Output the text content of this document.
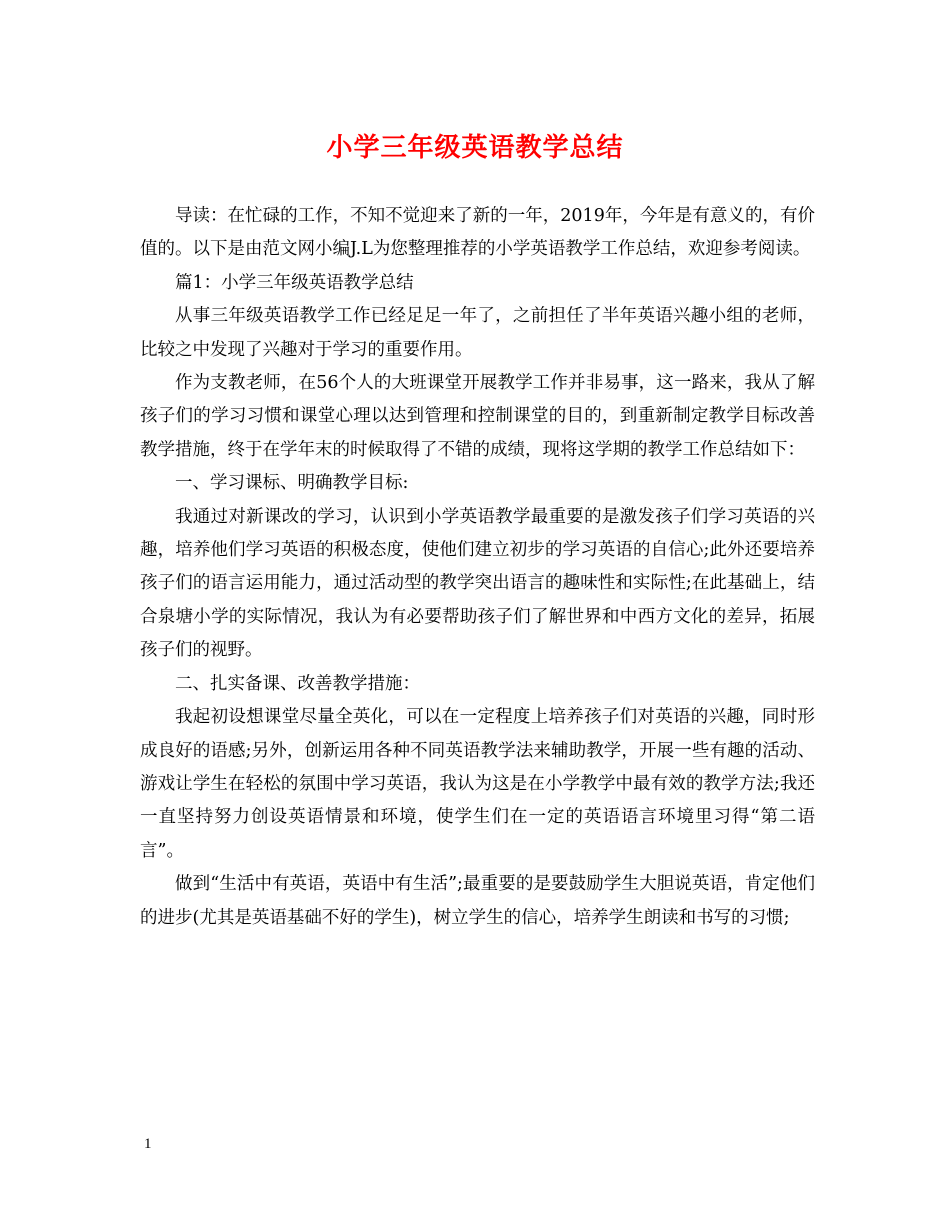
小学三年级英语教学总结

导读：在忙碌的工作，不知不觉迎来了新的一年，2019年，今年是有意义的，有价值的。以下是由范文网小编J.L为您整理推荐的小学英语教学工作总结，欢迎参考阅读。

篇1：小学三年级英语教学总结

从事三年级英语教学工作已经足足一年了，之前担任了半年英语兴趣小组的老师，比较之中发现了兴趣对于学习的重要作用。

作为支教老师，在56个人的大班课堂开展教学工作并非易事，这一路来，我从了解孩子们的学习习惯和课堂心理以达到管理和控制课堂的目的，到重新制定教学目标改善教学措施，终于在学年末的时候取得了不错的成绩，现将这学期的教学工作总结如下：

一、学习课标、明确教学目标:

我通过对新课改的学习，认识到小学英语教学最重要的是激发孩子们学习英语的兴趣，培养他们学习英语的积极态度，使他们建立初步的学习英语的自信心;此外还要培养孩子们的语言运用能力，通过活动型的教学突出语言的趣味性和实际性;在此基础上，结合泉塘小学的实际情况，我认为有必要帮助孩子们了解世界和中西方文化的差异，拓展孩子们的视野。

二、扎实备课、改善教学措施：

我起初设想课堂尽量全英化，可以在一定程度上培养孩子们对英语的兴趣，同时形成良好的语感;另外，创新运用各种不同英语教学法来辅助教学，开展一些有趣的活动、游戏让学生在轻松的氛围中学习英语，我认为这是在小学教学中最有效的教学方法;我还一直坚持努力创设英语情景和环境，使学生们在一定的英语语言环境里习得“第二语言”。

做到“生活中有英语，英语中有生活”;最重要的是要鼓励学生大胆说英语，肯定他们的进步(尤其是英语基础不好的学生)，树立学生的信心，培养学生朗读和书写的习惯;

1
